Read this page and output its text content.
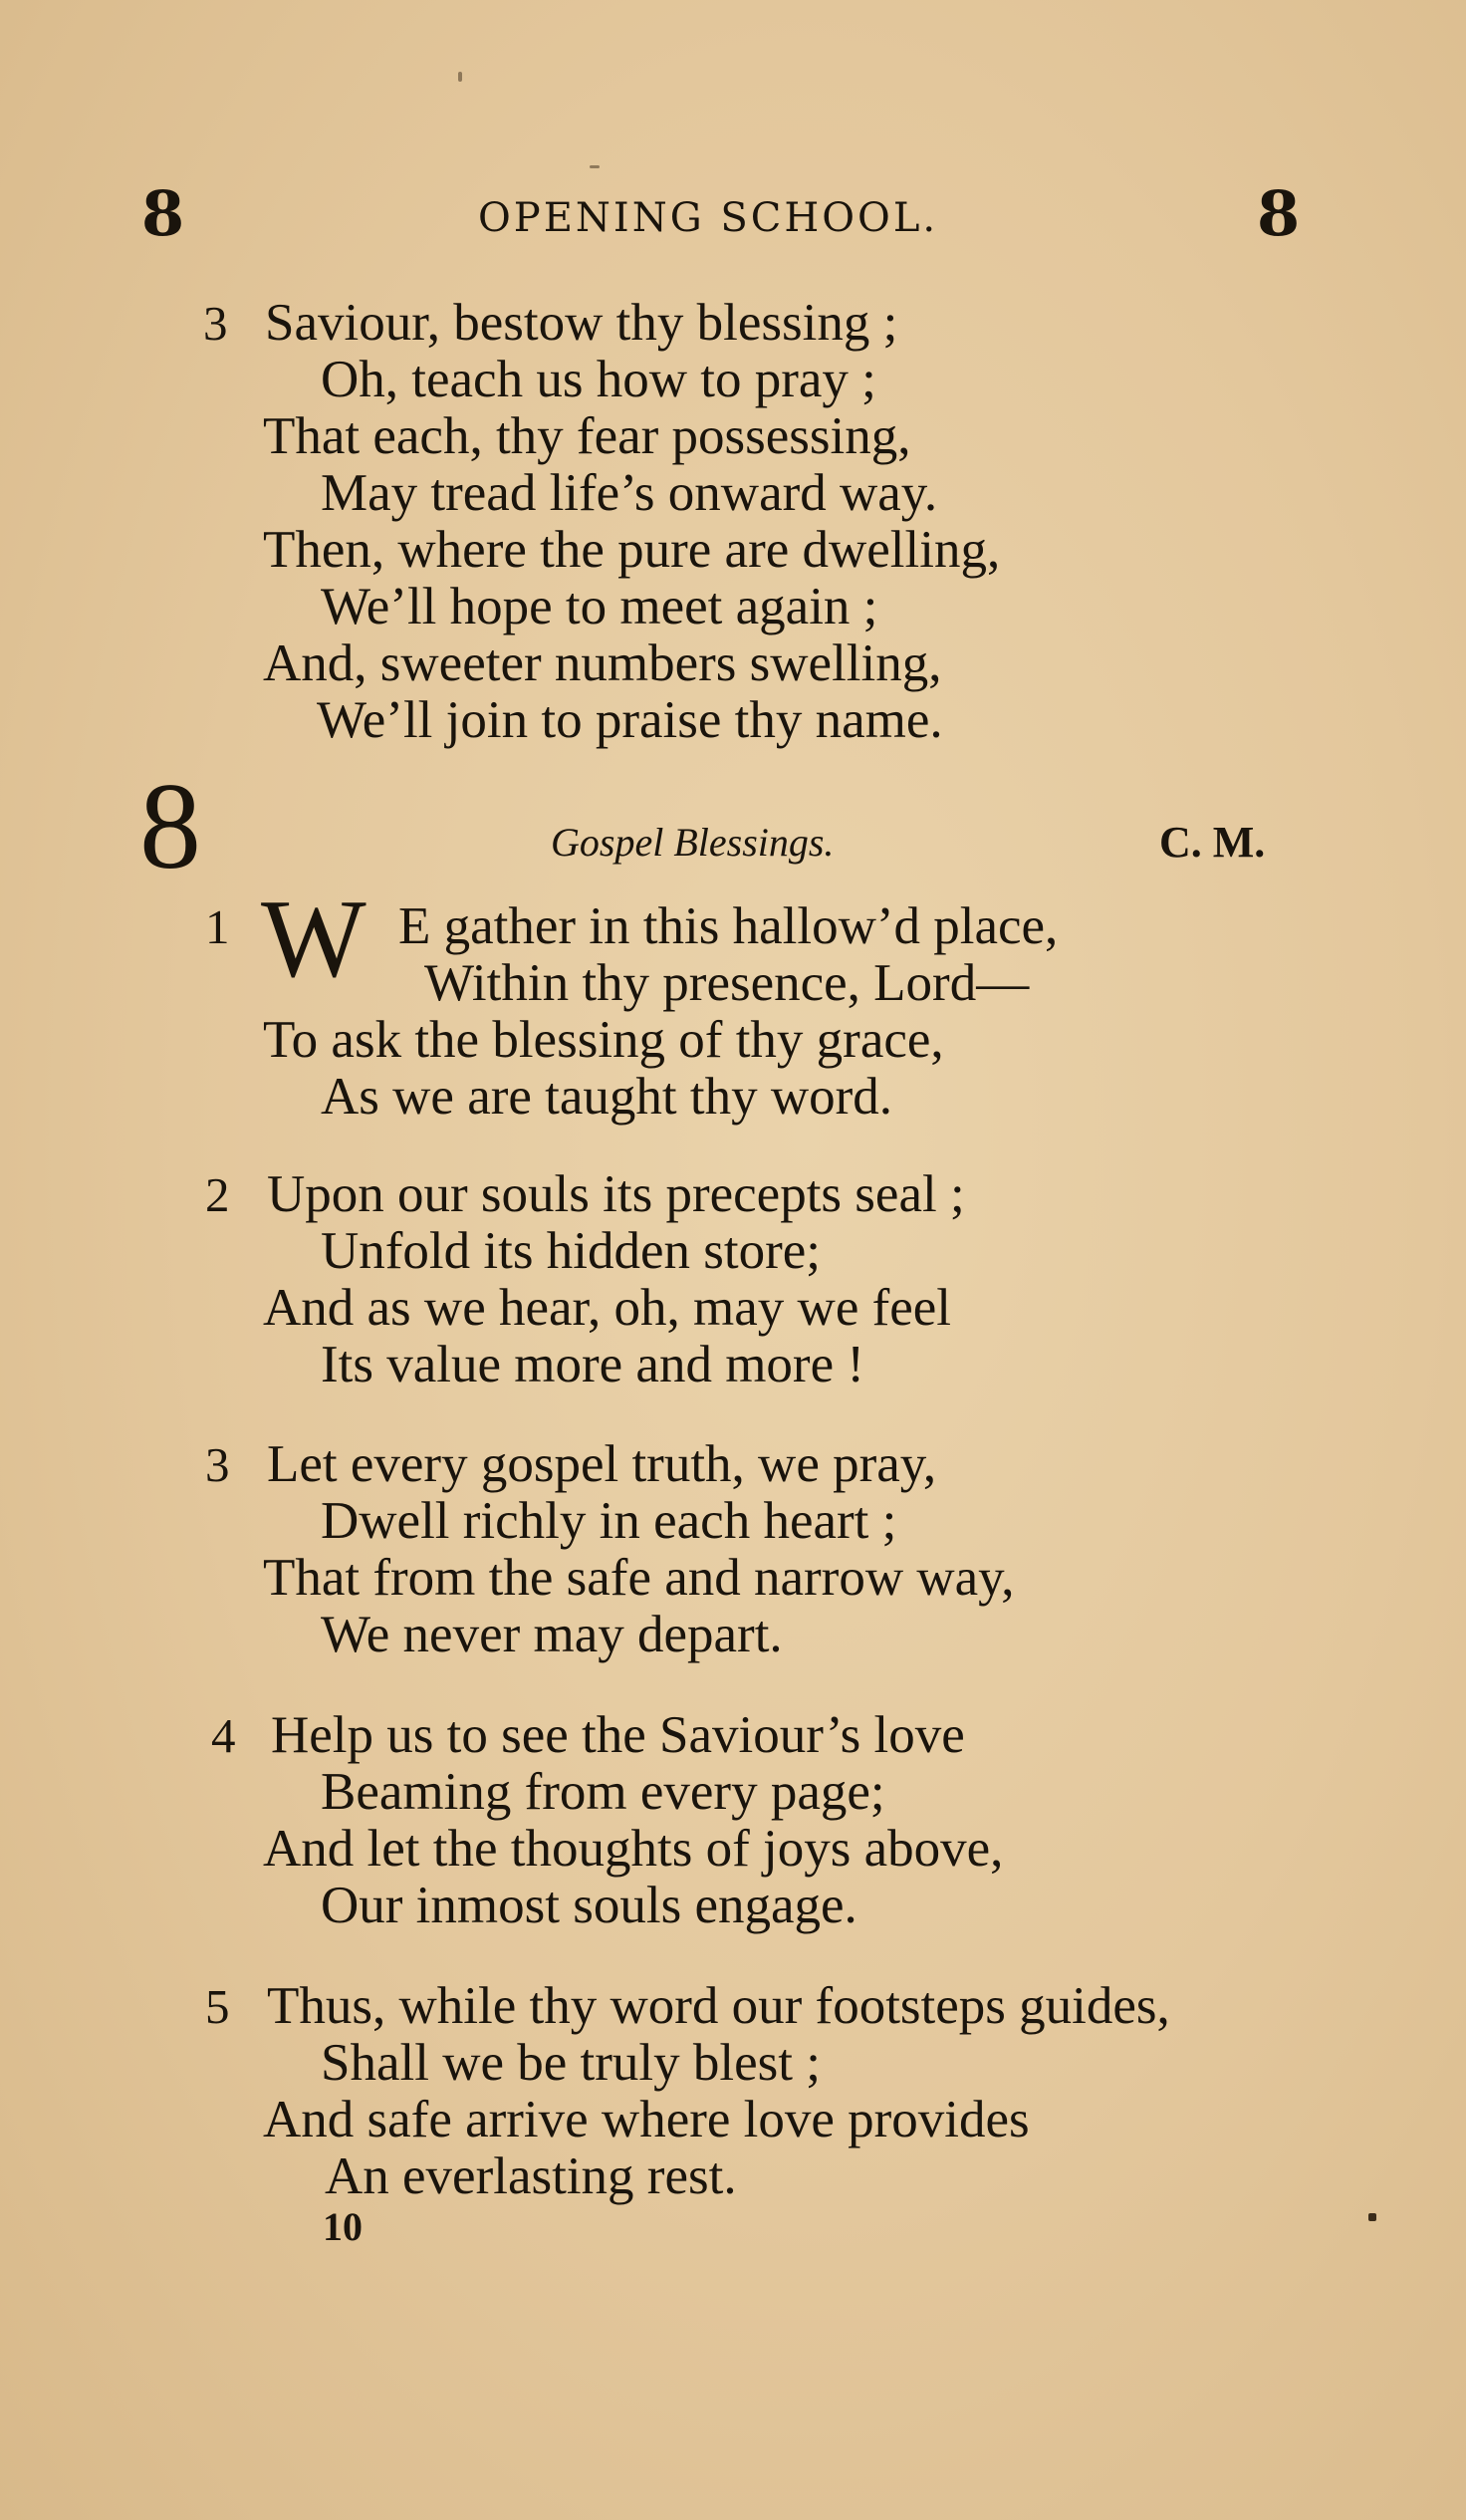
8	OPENING SCHOOL.	8
3 Saviour, bestow thy blessing ;
Oh, teach us how to pray ;
That each, thy fear possessing,
May tread life’s onward way.
Then, where the pure are dwelling,
We’ll hope to meet again ;
And, sweeter numbers swelling,
We’ll join to praise thy name.
8	Gospel Blessings.	C. M.
1 W E gather in this hallow’d place,
Within thy presence, Lord—
To ask the blessing of thy grace,
As we are taught thy word.
2 Upon our souls its precepts seal ;
Unfold its hidden store;
And as we hear, oh, may we feel
Its value more and more !
3 Let every gospel truth, we pray,
Dwell richly in each heart ;
That from the safe and narrow way,
We never may depart.
4 Help us to see the Saviour’s love
Beaming from every page;
And let the thoughts of joys above,
Our inmost souls engage.
5 Thus, while thy word our footsteps guides,
Shall we be truly blest ;
And safe arrive where love provides
An everlasting rest.
10
